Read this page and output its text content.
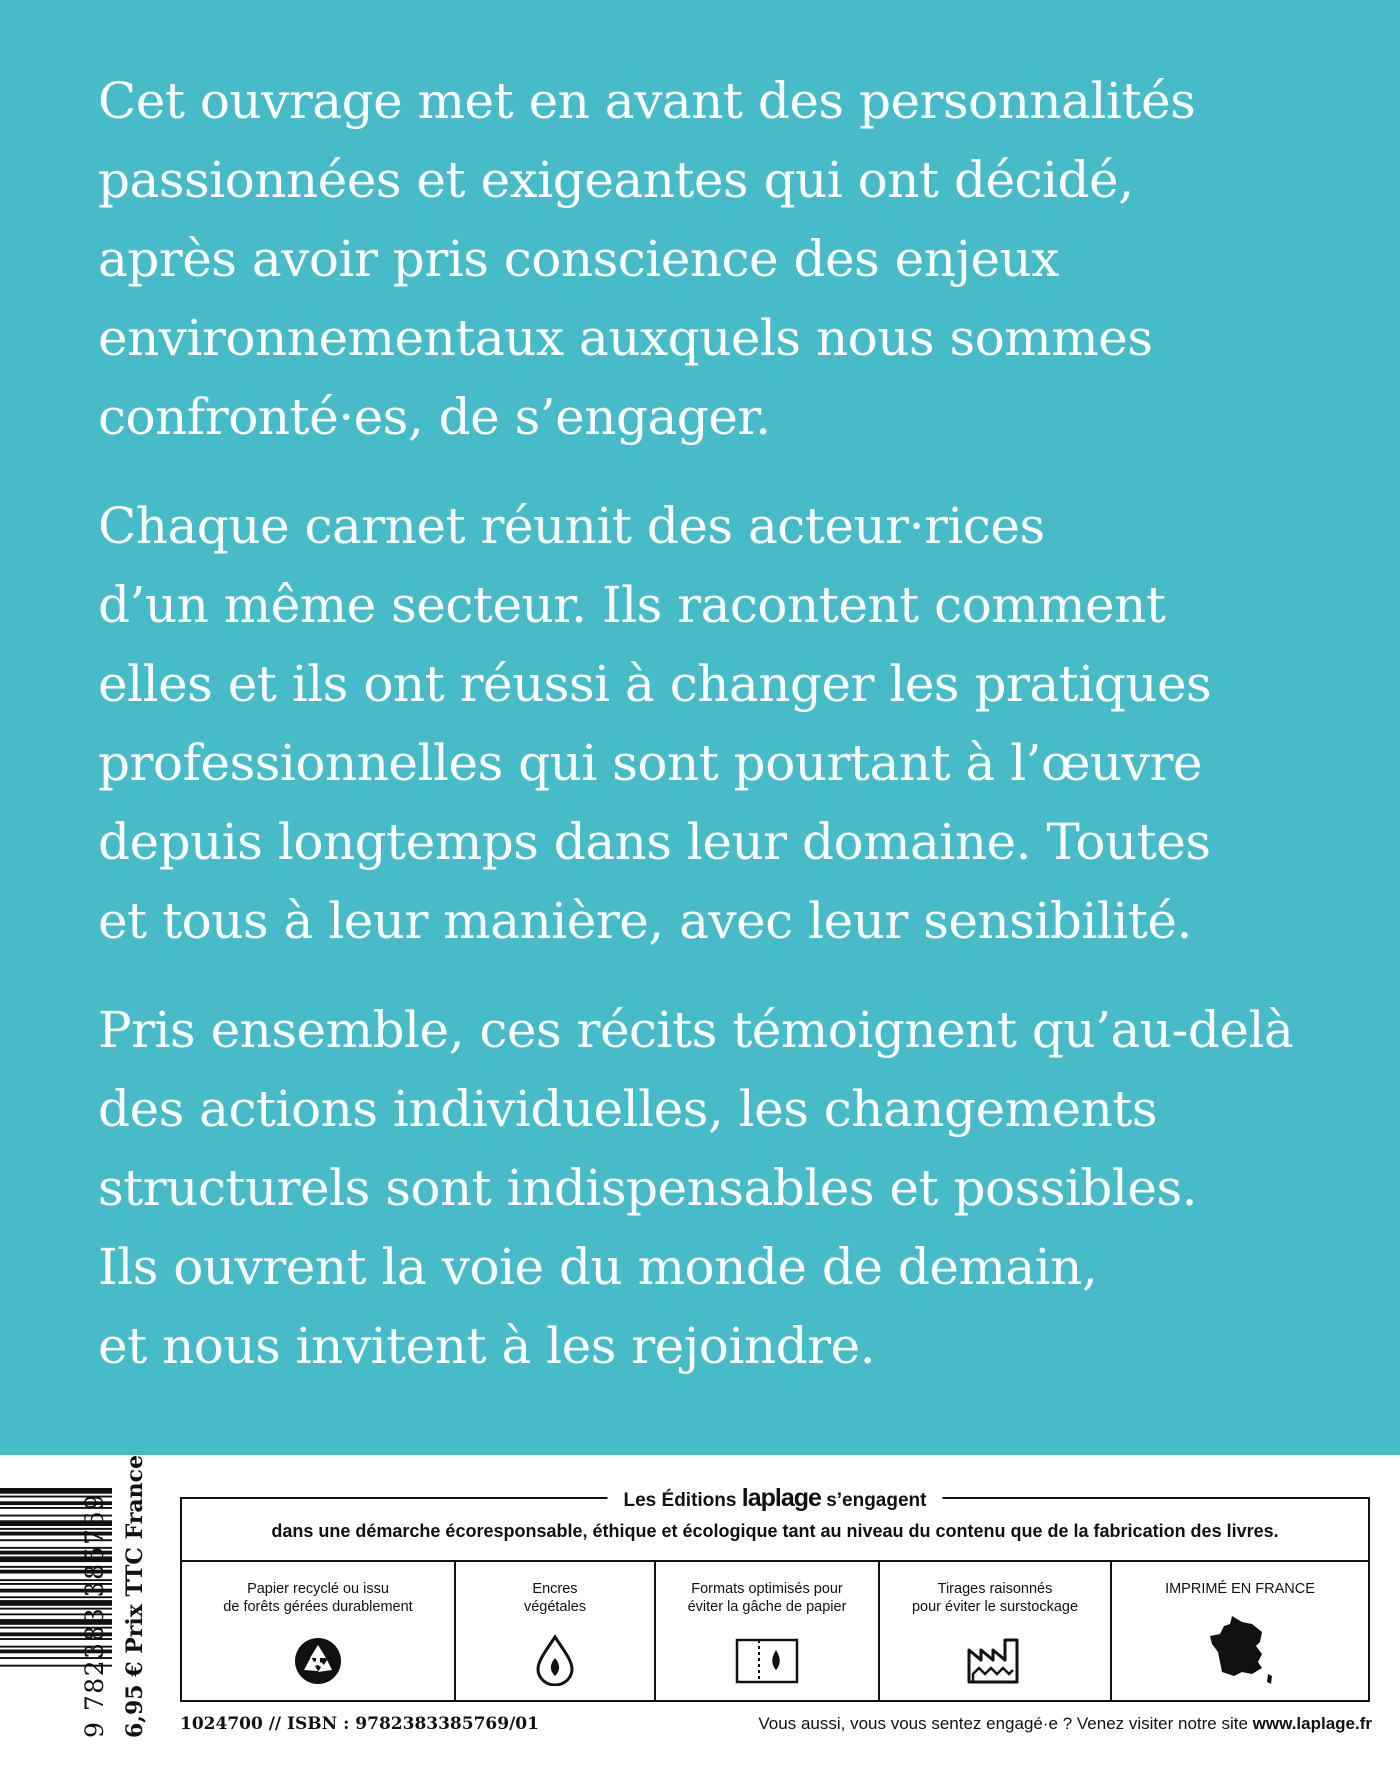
Cet ouvrage met en avant des personnalités
passionnées et exigeantes qui ont décidé,
après avoir pris conscience des enjeux
environnementaux auxquels nous sommes
confronté·es, de s’engager.

Chaque carnet réunit des acteur·rices
d’un même secteur. Ils racontent comment
elles et ils ont réussi à changer les pratiques
professionnelles qui sont pourtant à l’œuvre
depuis longtemps dans leur domaine. Toutes
et tous à leur manière, avec leur sensibilité.

Pris ensemble, ces récits témoignent qu’au-delà
des actions individuelles, les changements
structurels sont indispensables et possibles.
Ils ouvrent la voie du monde de demain,
et nous invitent à les rejoindre.

9 782383 385769 6,95 € Prix TTC France	Les Éditions laplage s’engagent
dans une démarche écoresponsable, éthique et écologique tant au niveau du contenu que de la fabrication des livres.
Papier recyclé ou issu
de forêts gérées durablement
Encres
végétales
Formats optimisés pour
éviter la gâche de papier
Tirages raisonnés
pour éviter le surstockage
IMPRIMÉ EN FRANCE
1024700 // ISBN : 9782383385769/01	Vous aussi, vous vous sentez engagé·e ? Venez visiter notre site www.laplage.fr
